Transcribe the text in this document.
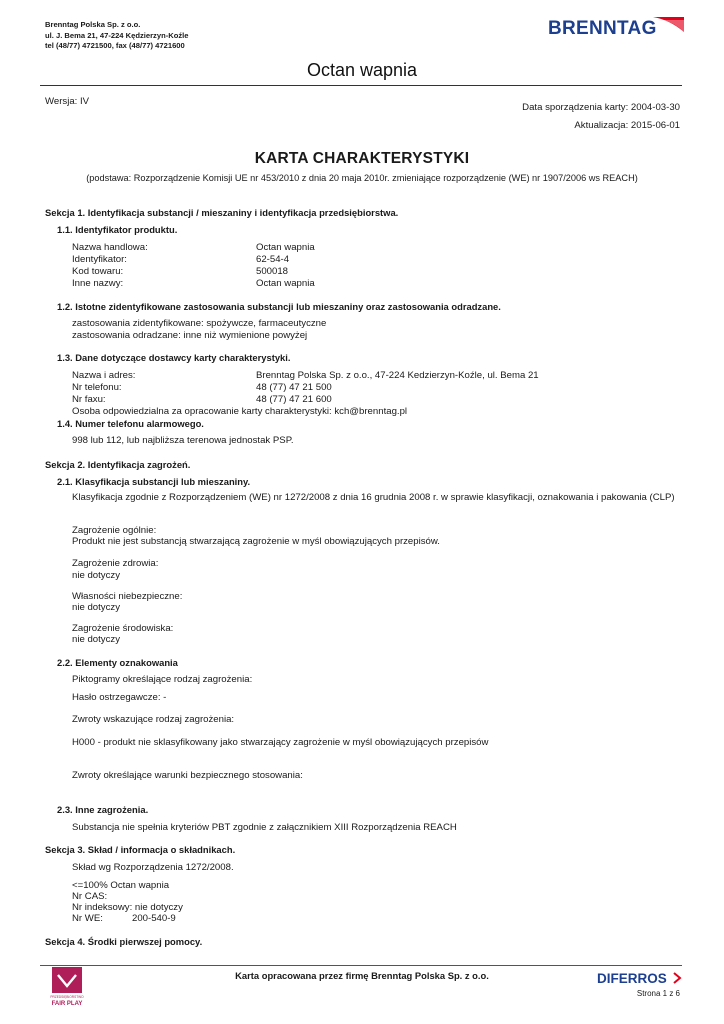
Brenntag Polska Sp. z o.o.
ul. J. Bema 21, 47-224 Kędzierzyn-Koźle
tel (48/77) 4721500, fax (48/77) 4721600
BRENNTAG
Octan wapnia
Wersja: IV
Data sporządzenia karty: 2004-03-30
Aktualizacja: 2015-06-01
KARTA CHARAKTERYSTYKI
(podstawa: Rozporządzenie Komisji UE nr 453/2010 z dnia 20 maja 2010r. zmieniające rozporządzenie (WE) nr 1907/2006 ws REACH)
Sekcja 1. Identyfikacja substancji / mieszaniny i identyfikacja przedsiębiorstwa.
1.1. Identyfikator produktu.
Nazwa handlowa:	Octan wapnia
Identyfikator:	62-54-4
Kod towaru:	500018
Inne nazwy:	Octan wapnia
1.2. Istotne zidentyfikowane zastosowania substancji lub mieszaniny oraz zastosowania odradzane.
zastosowania zidentyfikowane: spożywcze, farmaceutyczne
zastosowania odradzane: inne niż wymienione powyżej
1.3. Dane dotyczące dostawcy karty charakterystyki.
Nazwa i adres:	Brenntag Polska Sp. z o.o., 47-224 Kedzierzyn-Koźle, ul. Bema 21
Nr telefonu:	48 (77) 47 21 500
Nr faxu:	48 (77) 47 21 600
Osoba odpowiedzialna za opracowanie karty charakterystyki: kch@brenntag.pl
1.4. Numer telefonu alarmowego.
998 lub 112, lub najbliższa terenowa jednostak PSP.
Sekcja 2. Identyfikacja zagrożeń.
2.1. Klasyfikacja substancji lub mieszaniny.
Klasyfikacja zgodnie z Rozporządzeniem (WE) nr 1272/2008 z dnia 16 grudnia 2008 r. w sprawie klasyfikacji, oznakowania i pakowania (CLP)
Zagrożenie ogólnie:
Produkt nie jest substancją stwarzającą zagrożenie w myśl obowiązujących przepisów.
Zagrożenie zdrowia:
nie dotyczy
Własności niebezpieczne:
nie dotyczy
Zagrożenie środowiska:
nie dotyczy
2.2. Elementy oznakowania
Piktogramy określające rodzaj zagrożenia:
Hasło ostrzegawcze: -
Zwroty wskazujące rodzaj zagrożenia:
H000 - produkt nie sklasyfikowany jako stwarzający zagrożenie w myśl obowiązujących przepisów
Zwroty określające warunki bezpiecznego stosowania:
2.3. Inne zagrożenia.
Substancja nie spełnia kryteriów PBT zgodnie z załącznikiem XIII Rozporządzenia REACH
Sekcja 3. Skład / informacja o składnikach.
Skład wg Rozporządzenia 1272/2008.
<=100% Octan wapnia
Nr CAS:
Nr indeksowy: nie dotyczy
Nr WE:	200-540-9
Sekcja 4. Środki pierwszej pomocy.
PRZEDSIĘBIORSTWO
FAIR PLAY
Karta opracowana przez firmę Brenntag Polska Sp. z o.o.	DIFERROS
Strona 1 z 6
